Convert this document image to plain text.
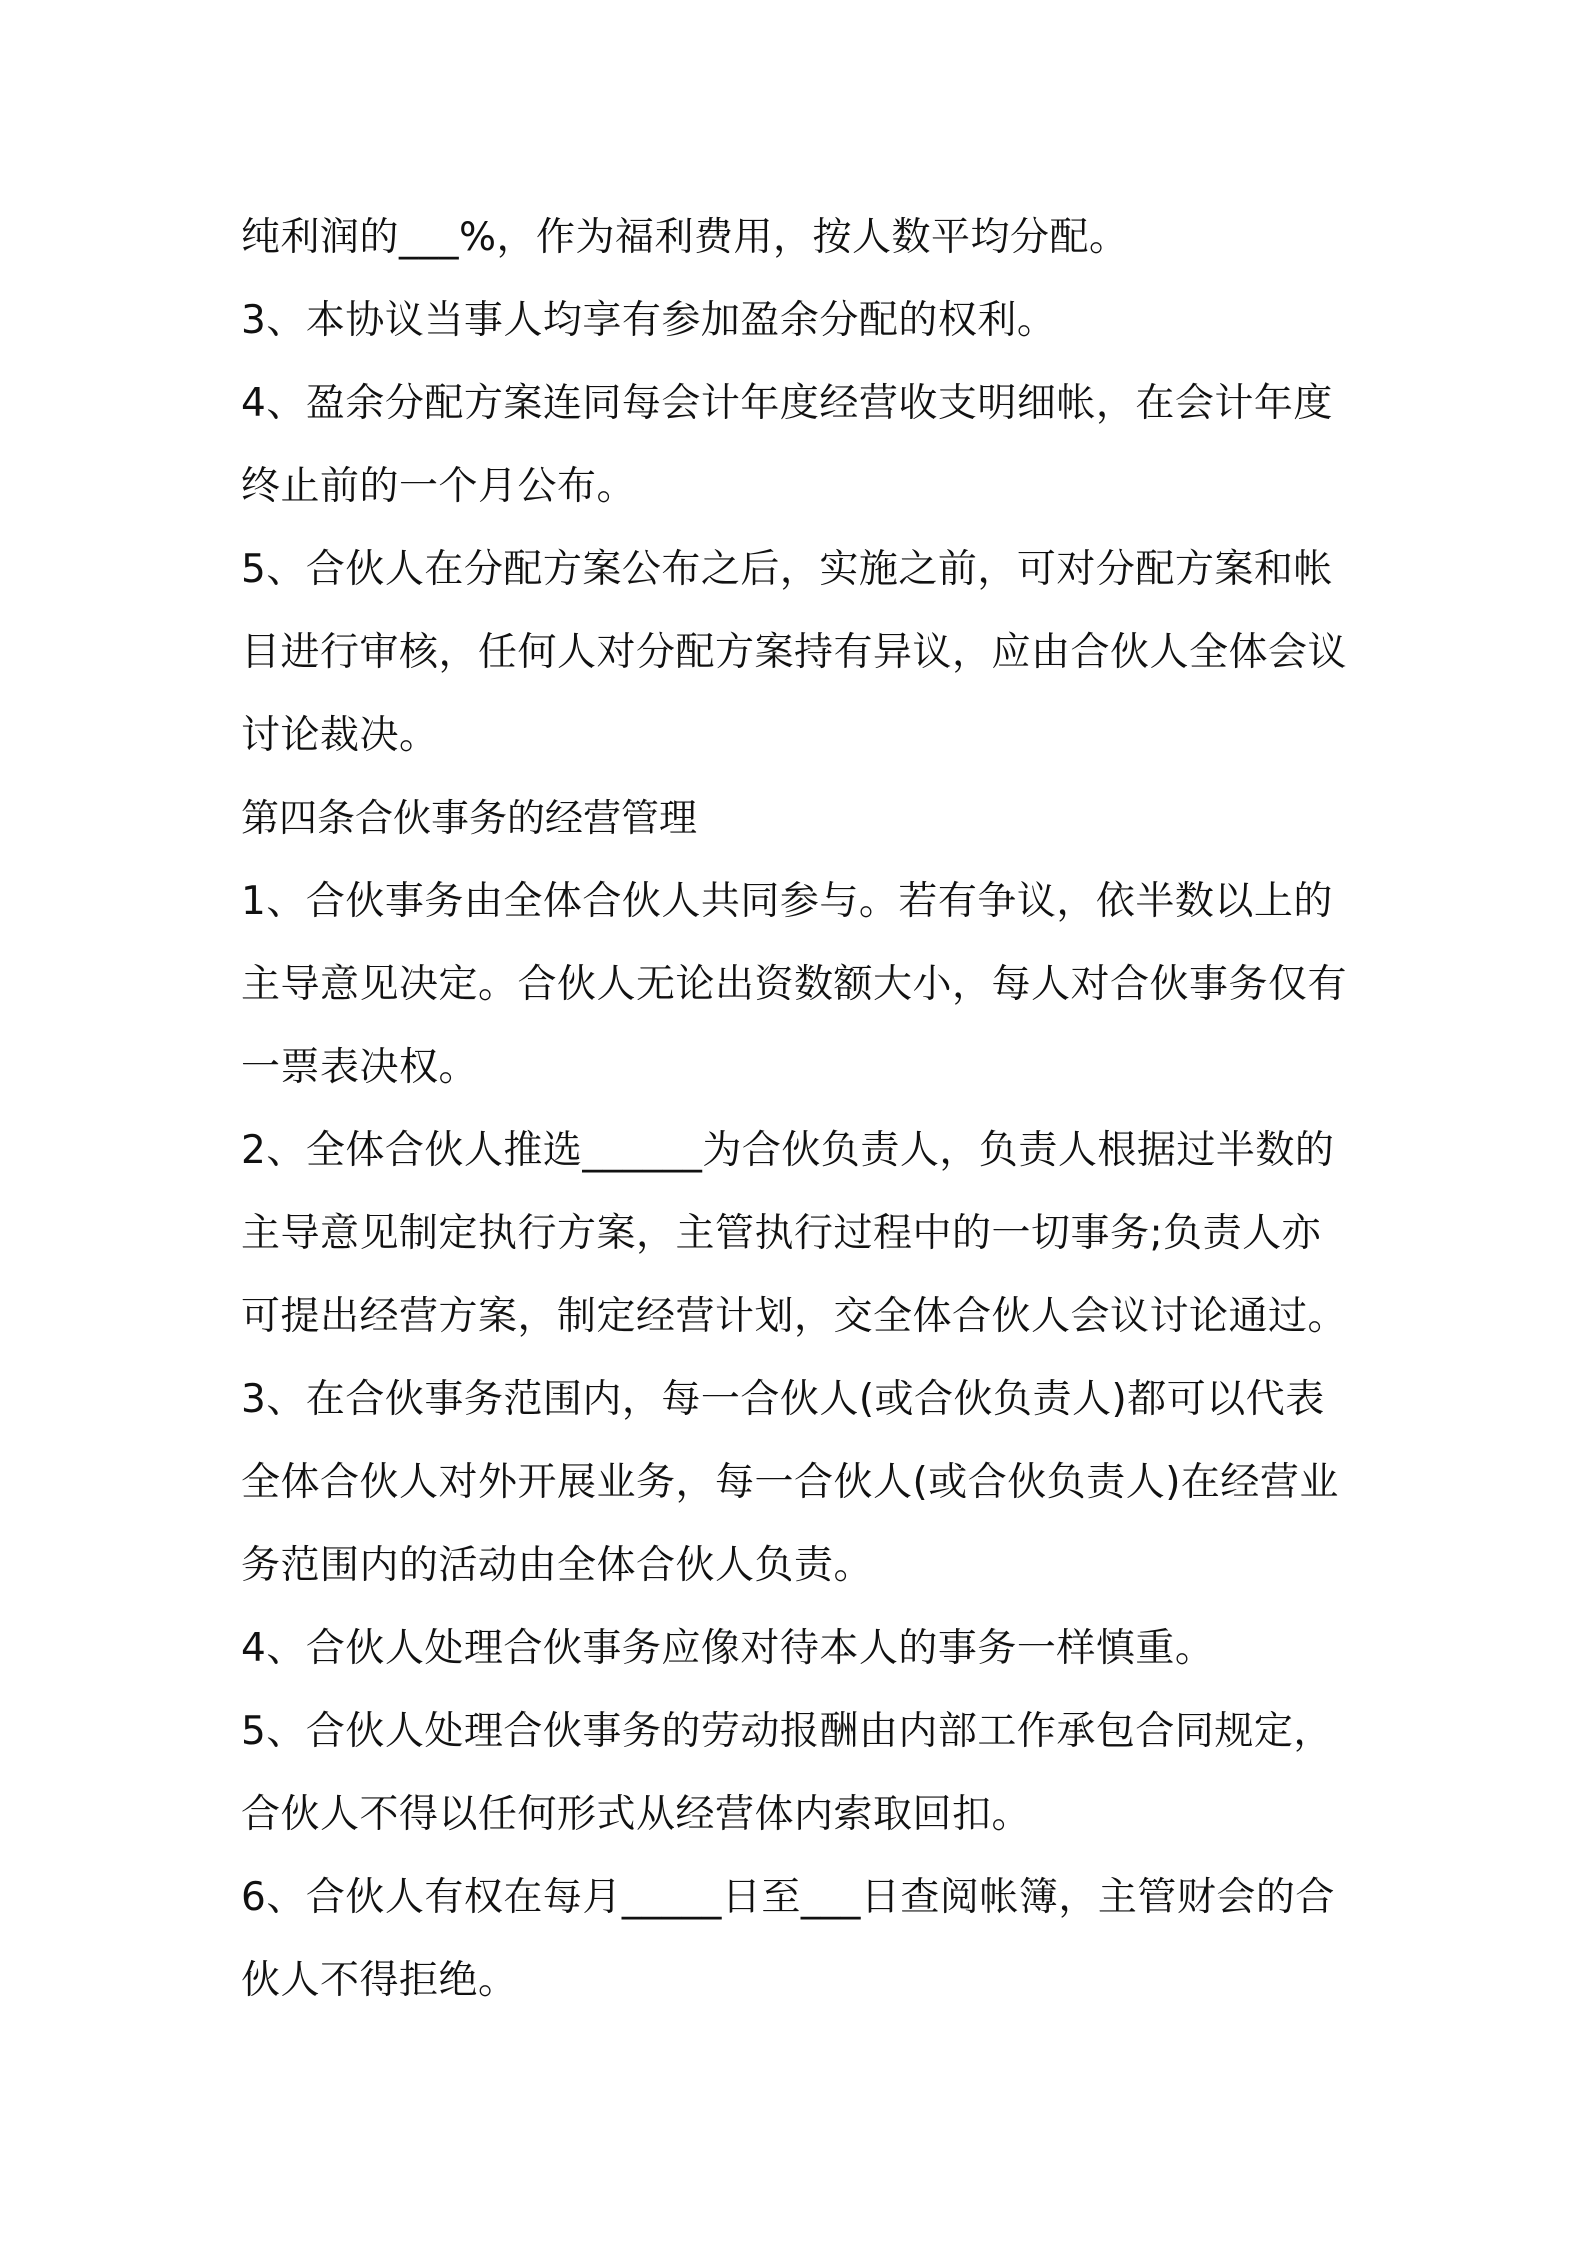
纯利润的___%，作为福利费用，按人数平均分配。
3、本协议当事人均享有参加盈余分配的权利。
4、盈余分配方案连同每会计年度经营收支明细帐，在会计年度
终止前的一个月公布。
5、合伙人在分配方案公布之后，实施之前，可对分配方案和帐
目进行审核，任何人对分配方案持有异议，应由合伙人全体会议
讨论裁决。
第四条合伙事务的经营管理
1、合伙事务由全体合伙人共同参与。若有争议，依半数以上的
主导意见决定。合伙人无论出资数额大小，每人对合伙事务仅有
一票表决权。
2、全体合伙人推选______为合伙负责人，负责人根据过半数的
主导意见制定执行方案，主管执行过程中的一切事务;负责人亦
可提出经营方案，制定经营计划，交全体合伙人会议讨论通过。
3、在合伙事务范围内，每一合伙人(或合伙负责人)都可以代表
全体合伙人对外开展业务，每一合伙人(或合伙负责人)在经营业
务范围内的活动由全体合伙人负责。
4、合伙人处理合伙事务应像对待本人的事务一样慎重。
5、合伙人处理合伙事务的劳动报酬由内部工作承包合同规定，
合伙人不得以任何形式从经营体内索取回扣。
6、合伙人有权在每月_____日至___日查阅帐簿，主管财会的合
伙人不得拒绝。
